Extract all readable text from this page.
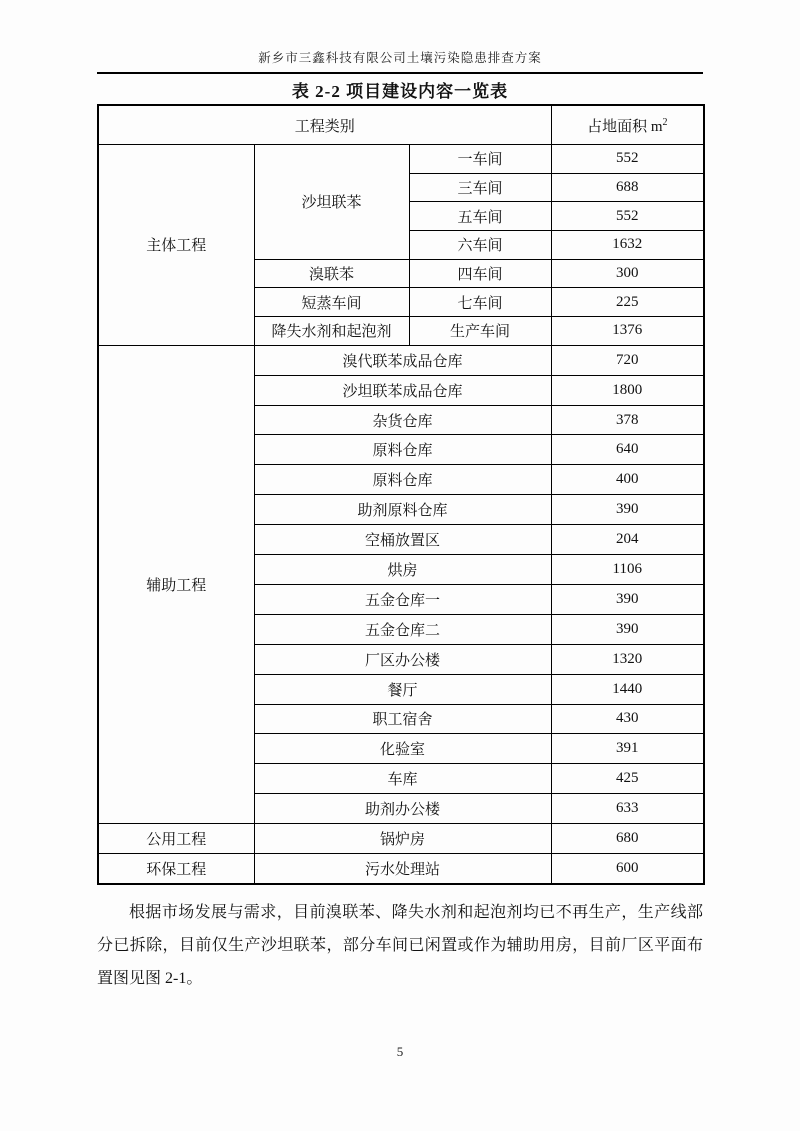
新乡市三鑫科技有限公司土壤污染隐患排查方案
表 2-2 项目建设内容一览表
工程类别			占地面积 $m^2$
主体工程	沙坦联苯	一车间	552
		三车间	688
		五车间	552
		六车间	1632
	溴联苯	四车间	300
	短蒸车间	七车间	225
	降失水剂和起泡剂	生产车间	1376
辅助工程	溴代联苯成品仓库		720
	沙坦联苯成品仓库		1800
	杂货仓库		378
	原料仓库		640
	原料仓库		400
	助剂原料仓库		390
	空桶放置区		204
	烘房		1106
	五金仓库一		390
	五金仓库二		390
	厂区办公楼		1320
	餐厅		1440
	职工宿舍		430
	化验室		391
	车库		425
	助剂办公楼		633
公用工程	锅炉房		680
环保工程	污水处理站		600

根据市场发展与需求，目前溴联苯、降失水剂和起泡剂均已不再生产，生产线部分已拆除，目前仅生产沙坦联苯，部分车间已闲置或作为辅助用房，目前厂区平面布置图见图 2-1。

5
